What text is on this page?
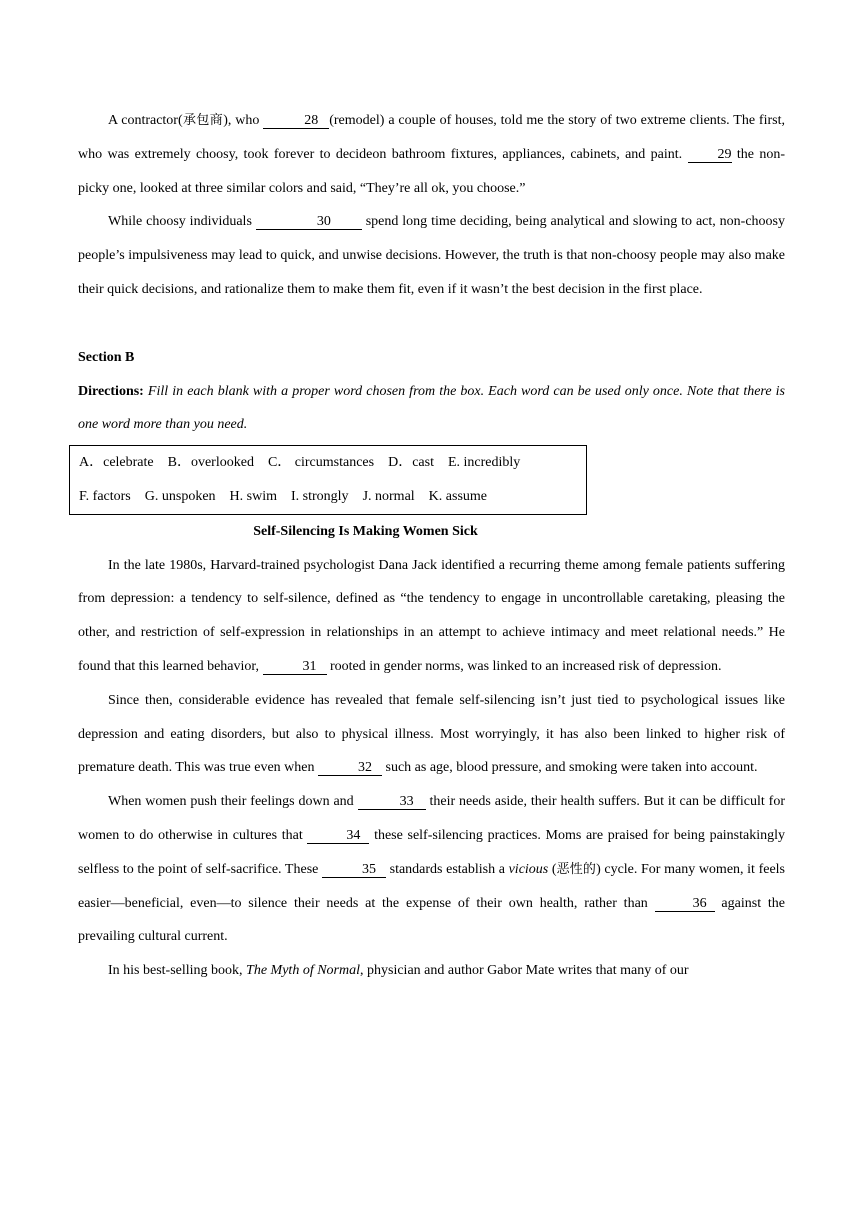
A contractor(承包商), who	28 (remodel) a couple of houses, told me the story of two extreme clients. The first, who was extremely choosy, took forever to decideon bathroom fixtures, appliances, cabinets, and paint. 29 the non-picky one, looked at three similar colors and said, “They’re all ok, you choose.”

While choosy individuals	30 spend long time deciding, being analytical and slowing to act, non-choosy people’s impulsiveness may lead to quick, and unwise decisions. However, the truth is that non-choosy people may also make their quick decisions, and rationalize them to make them fit, even if it wasn’t the best decision in the first place.

Section B

Directions: Fill in each blank with a proper word chosen from the box. Each word can be used only once. Note that there is one word more than you need.

A．celebrate B．overlooked C． circumstances D．cast E. incredibly
F. factors G. unspoken H. swim I. strongly J. normal K. assume

Self-Silencing Is Making Women Sick

In the late 1980s, Harvard-trained psychologist Dana Jack identified a recurring theme among female patients suffering from depression: a tendency to self-silence, defined as “the tendency to engage in uncontrollable caretaking, pleasing the other, and restriction of self-expression in relationships in an attempt to achieve intimacy and meet relational needs.” He found that this learned behavior,	31 rooted in gender norms, was linked to an increased risk of depression.

Since then, considerable evidence has revealed that female self-silencing isn’t just tied to psychological issues like depression and eating disorders, but also to physical illness. Most worryingly, it has also been linked to higher risk of premature death. This was true even when	32 such as age, blood pressure, and smoking were taken into account.

When women push their feelings down and	33 their needs aside, their health suffers. But it can be difficult for women to do otherwise in cultures that	34 these self-silencing practices. Moms are praised for being painstakingly selfless to the point of self-sacrifice. These	35 standards establish a vicious (恶性的) cycle. For many women, it feels easier—beneficial, even—to silence their needs at the expense of their own health, rather than	36 against the prevailing cultural current.

In his best-selling book, The Myth of Normal, physician and author Gabor Mate writes that many of our
